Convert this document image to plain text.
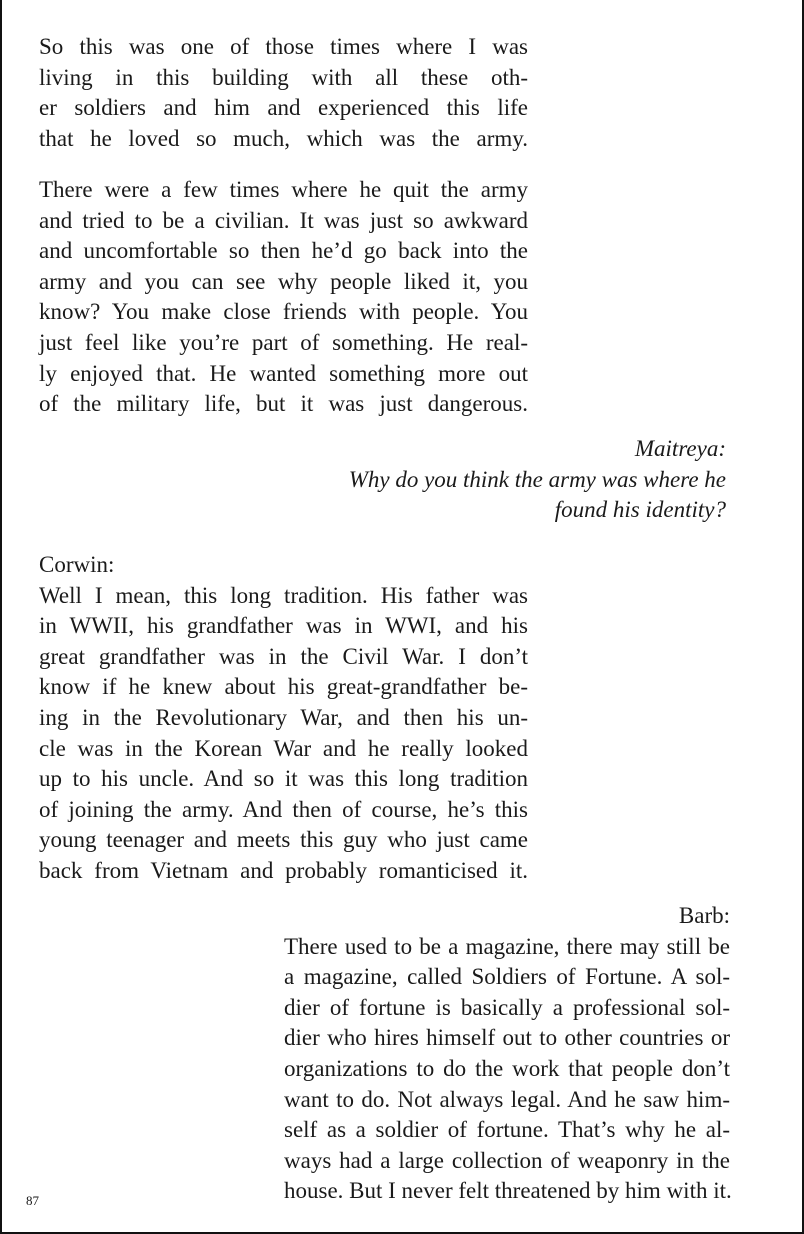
So this was one of those times where I was
living in this building with all these oth-
er soldiers and him and experienced this life
that he loved so much, which was the army.

There were a few times where he quit the army
and tried to be a civilian. It was just so awkward
and uncomfortable so then he’d go back into the
army and you can see why people liked it, you
know? You make close friends with people. You
just feel like you’re part of something. He real-
ly enjoyed that. He wanted something more out
of the military life, but it was just dangerous.

Maitreya:
Why do you think the army was where he
found his identity?

Corwin:
Well I mean, this long tradition. His father was
in WWII, his grandfather was in WWI, and his
great grandfather was in the Civil War. I don’t
know if he knew about his great-grandfather be-
ing in the Revolutionary War, and then his un-
cle was in the Korean War and he really looked
up to his uncle. And so it was this long tradition
of joining the army. And then of course, he’s this
young teenager and meets this guy who just came
back from Vietnam and probably romanticised it.

Barb:
There used to be a magazine, there may still be
a magazine, called Soldiers of Fortune. A sol-
dier of fortune is basically a professional sol-
dier who hires himself out to other countries or
organizations to do the work that people don’t
want to do. Not always legal. And he saw him-
self as a soldier of fortune. That’s why he al-
ways had a large collection of weaponry in the
house. But I never felt threatened by him with it.

87
